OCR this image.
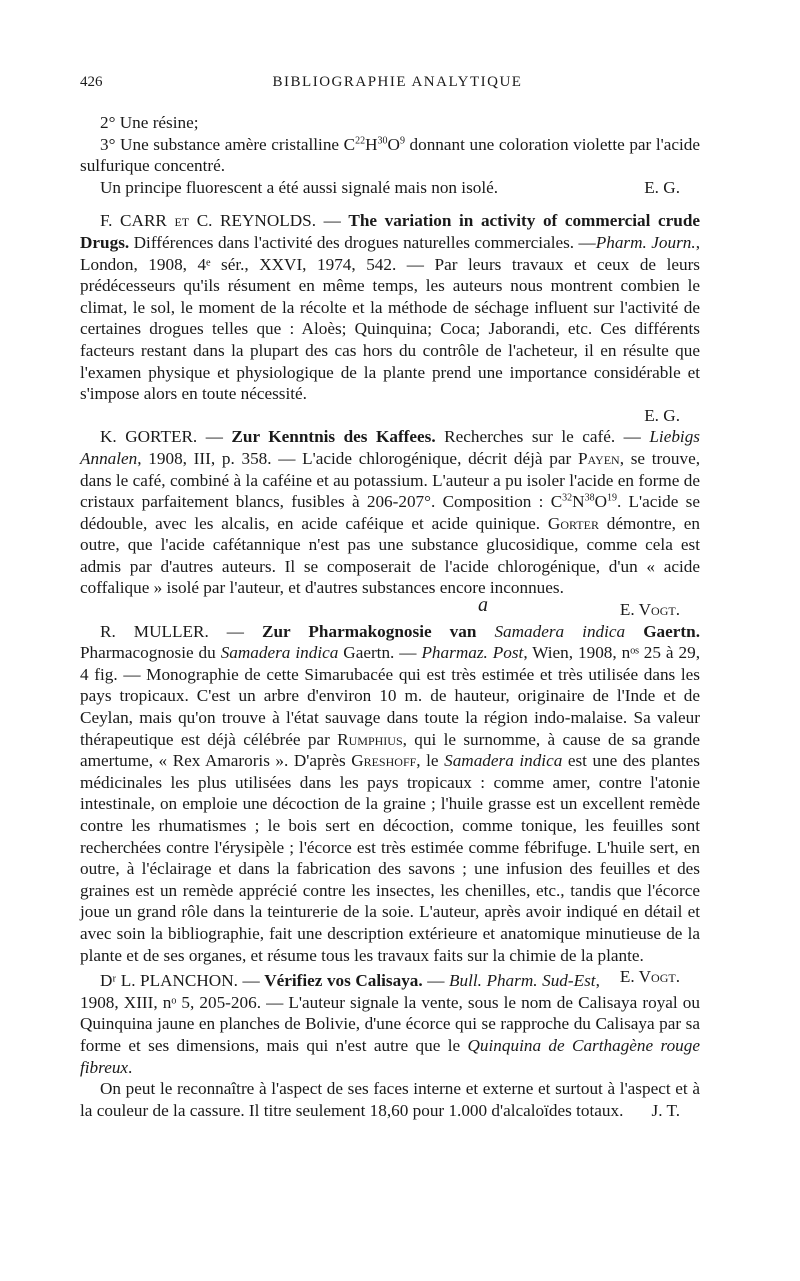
426	BIBLIOGRAPHIE ANALYTIQUE

2° Une résine;

3° Une substance amère cristalline $C^{22}H^{30}O^9$ donnant une coloration violette par l'acide sulfurique concentré.

Un principe fluorescent a été aussi signalé mais non isolé.	E. G.

F. CARR et C. REYNOLDS. — The variation in activity of commercial crude Drugs. Différences dans l'activité des drogues naturelles commerciales. —Pharm. Journ., London, 1908, 4ᵉ sér., XXVI, 1974, 542. — Par leurs travaux et ceux de leurs prédécesseurs qu'ils résument en même temps, les auteurs nous montrent combien le climat, le sol, le moment de la récolte et la méthode de séchage influent sur l'activité de certaines drogues telles que : Aloès; Quinquina; Coca; Jaborandi, etc. Ces différents facteurs restant dans la plupart des cas hors du contrôle de l'acheteur, il en résulte que l'examen physique et physiologique de la plante prend une importance considérable et s'impose alors en toute nécessité.

E. G.

K. GORTER. — Zur Kenntnis des Kaffees. Recherches sur le café. — Liebigs Annalen, 1908, III, p. 358. — L'acide chlorogénique, décrit déjà par Payen, se trouve, dans le café, combiné à la caféine et au potassium. L'auteur a pu isoler l'acide en forme de cristaux parfaitement blancs, fusibles à 206-207°. Composition : $C^{32}N^{38}O^{19}$. L'acide se dédouble, avec les alcalis, en acide caféique et acide quinique. Gorter démontre, en outre, que l'acide cafétannique n'est pas une substance glucosidique, comme cela est admis par d'autres auteurs. Il se composerait de l'acide chlorogénique, d'un « acide coffalique » isolé par l'auteur, et d'autres substances encore inconnues.

a	E. Vogt.

R. MULLER. — Zur Pharmakognosie van Samadera indica Gaertn. Pharmacognosie du Samadera indica Gaertn. — Pharmaz. Post, Wien, 1908, nᵒˢ 25 à 29, 4 fig. — Monographie de cette Simarubacée qui est très estimée et très utilisée dans les pays tropicaux. C'est un arbre d'environ 10 m. de hauteur, originaire de l'Inde et de Ceylan, mais qu'on trouve à l'état sauvage dans toute la région indo-malaise. Sa valeur thérapeutique est déjà célébrée par Rumphius, qui le surnomme, à cause de sa grande amertume, « Rex Amaroris ». D'après Greshoff, le Samadera indica est une des plantes médicinales les plus utilisées dans les pays tropicaux : comme amer, contre l'atonie intestinale, on emploie une décoction de la graine ; l'huile grasse est un excellent remède contre les rhumatismes ; le bois sert en décoction, comme tonique, les feuilles sont recherchées contre l'érysipèle ; l'écorce est très estimée comme fébrifuge. L'huile sert, en outre, à l'éclairage et dans la fabrication des savons ; une infusion des feuilles et des graines est un remède apprécié contre les insectes, les chenilles, etc., tandis que l'écorce joue un grand rôle dans la teinturerie de la soie. L'auteur, après avoir indiqué en détail et avec soin la bibliographie, fait une description extérieure et anatomique minutieuse de la plante et de ses organes, et résume tous les travaux faits sur la chimie de la plante.
E. Vogt.

Dʳ L. PLANCHON. — Vérifiez vos Calisaya. — Bull. Pharm. Sud-Est, 1908, XIII, nᵒ 5, 205-206. — L'auteur signale la vente, sous le nom de Calisaya royal ou Quinquina jaune en planches de Bolivie, d'une écorce qui se rapproche du Calisaya par sa forme et ses dimensions, mais qui n'est autre que le Quinquina de Carthagène rouge fibreux.

On peut le reconnaître à l'aspect de ses faces interne et externe et surtout à l'aspect et à la couleur de la cassure. Il titre seulement 18,60 pour 1.000 d'alcaloïdes totaux.	J. T.
